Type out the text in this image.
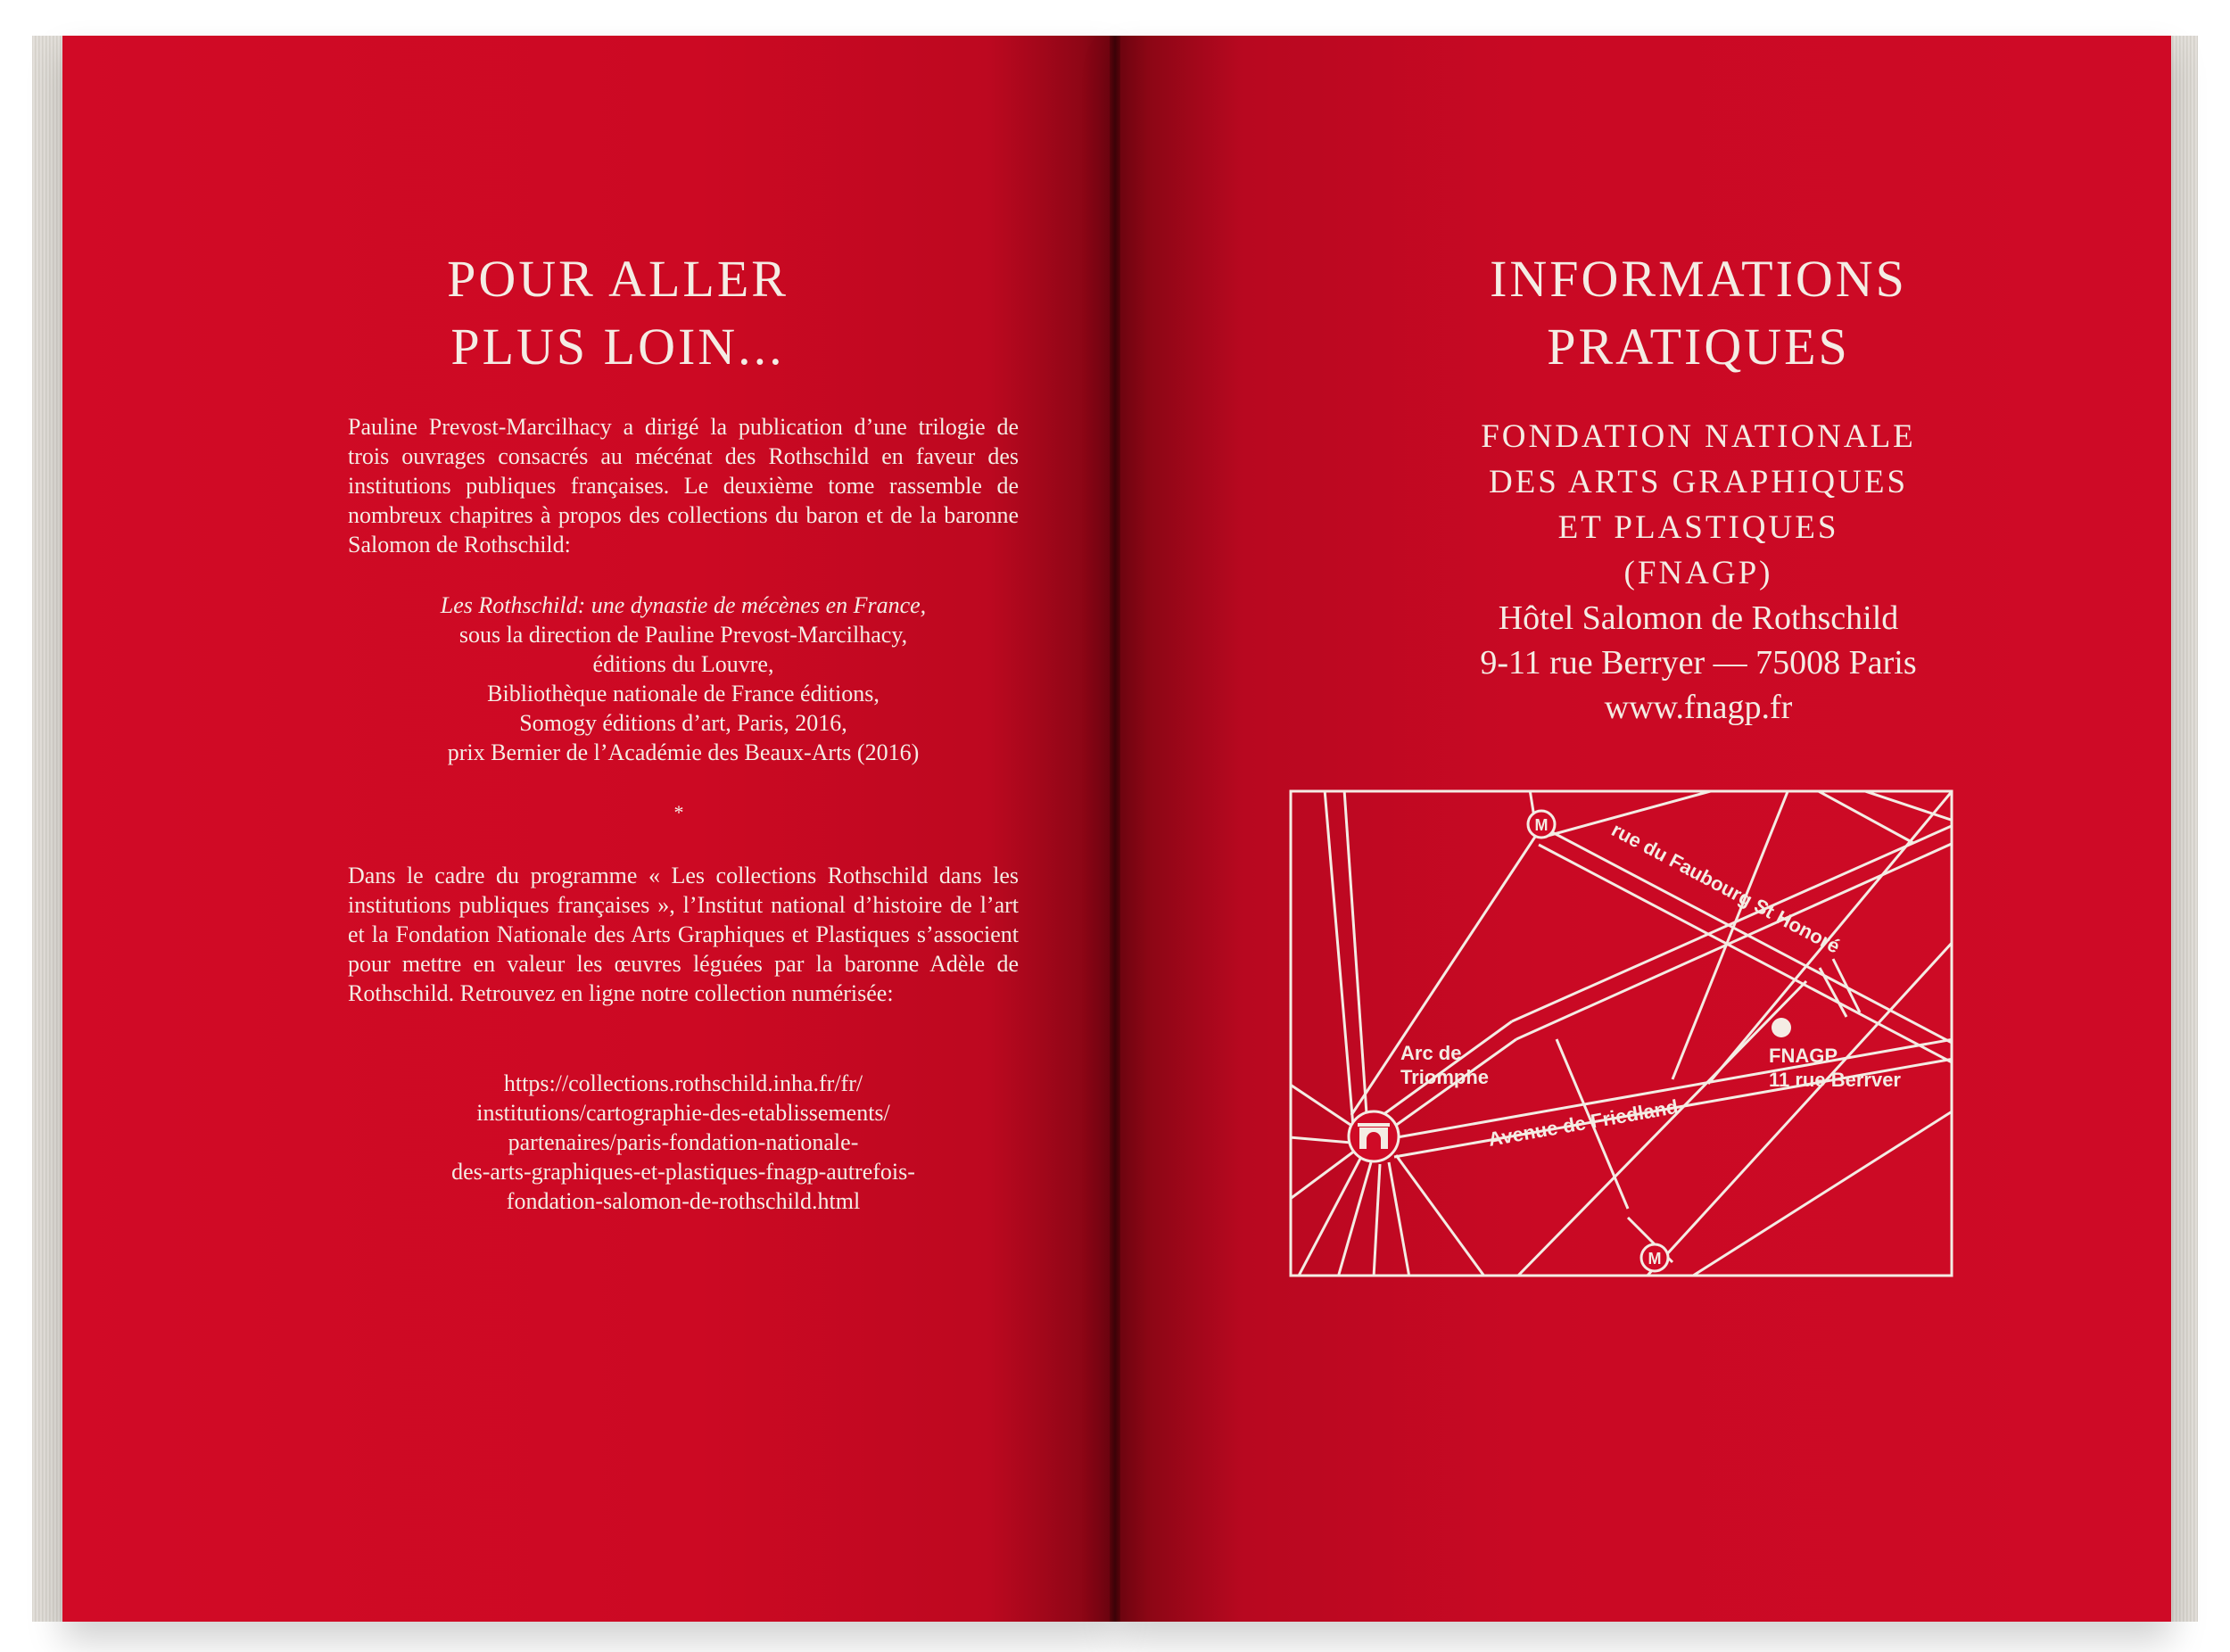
POUR ALLER
PLUS LOIN...

Pauline Prevost-Marcilhacy a dirigé la publication d’une trilogie de trois ouvrages consacrés au mécénat des Rothschild en faveur des institutions publiques françaises. Le deuxième tome rassemble de nombreux chapitres à propos des collections du baron et de la baronne Salomon de Rothschild:

Les Rothschild: une dynastie de mécènes en France,
sous la direction de Pauline Prevost-Marcilhacy,
éditions du Louvre,
Bibliothèque nationale de France éditions,
Somogy éditions d’art, Paris, 2016,
prix Bernier de l’Académie des Beaux-Arts (2016)
*

Dans le cadre du programme « Les collections Rothschild dans les institutions publiques françaises », l’Institut national d’histoire de l’art et la Fondation Nationale des Arts Graphiques et Plastiques s’associent pour mettre en valeur les œuvres léguées par la baronne Adèle de Rothschild. Retrouvez en ligne notre collection numérisée:

https://collections.rothschild.inha.fr/fr/
institutions/cartographie-des-etablissements/
partenaires/paris-fondation-nationale-
des-arts-graphiques-et-plastiques-fnagp-autrefois-
fondation-salomon-de-rothschild.html
INFORMATIONS
PRATIQUES
FONDATION NATIONALE
DES ARTS GRAPHIQUES
ET PLASTIQUES
(FNAGP)
Hôtel Salomon de Rothschild
9-11 rue Berryer — 75008 Paris
www.fnagp.fr
M
M
rue du Faubourg St Honoré
Avenue de Friedland
Arc de
Triomphe
FNAGP
11 rue Berrver
